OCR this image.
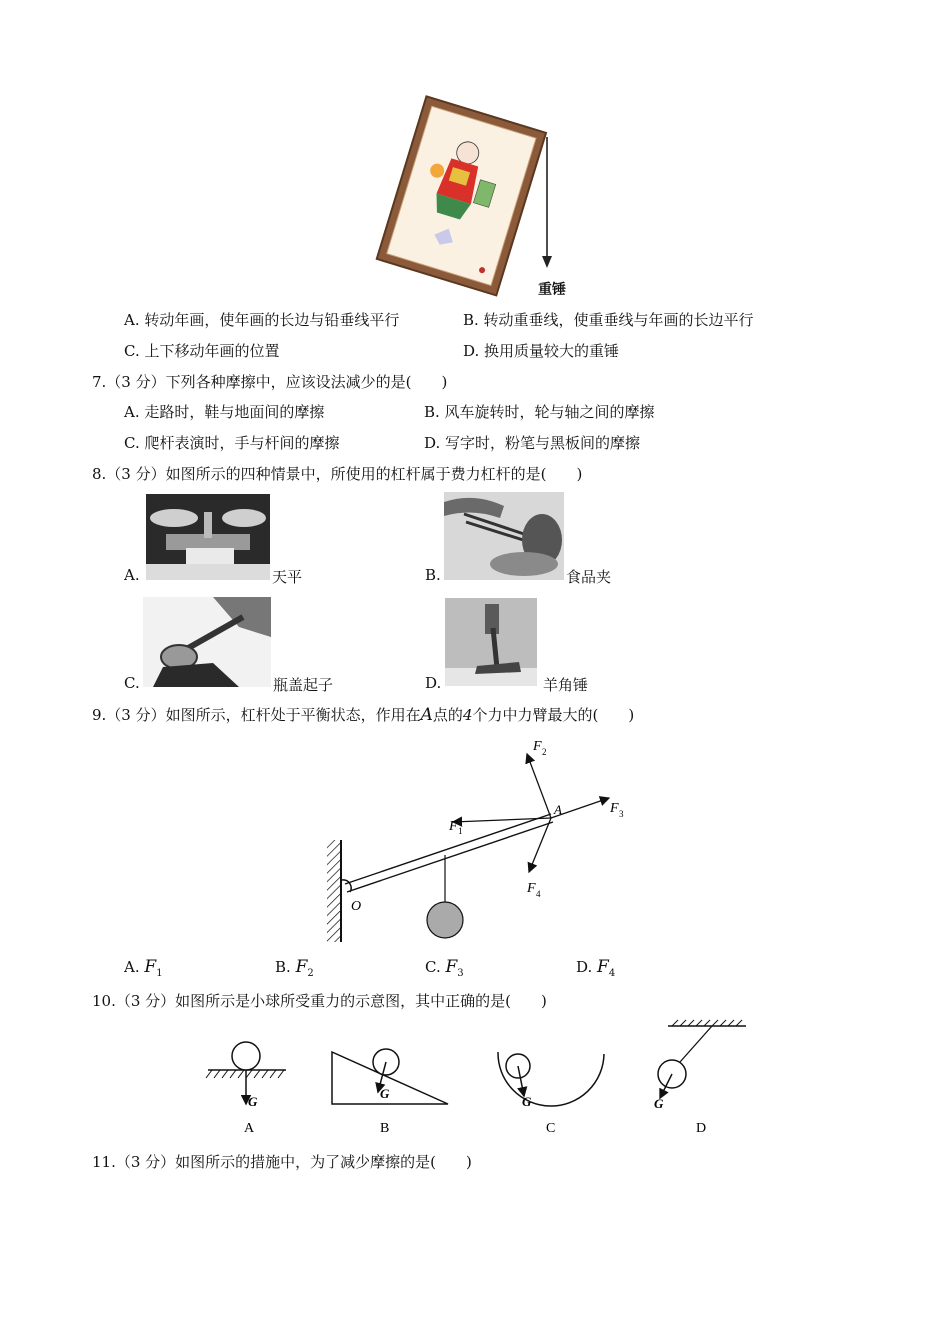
重锤
A. 转动年画，使年画的长边与铅垂线平行	B. 转动重垂线，使重垂线与年画的长边平行
C. 上下移动年画的位置	D. 换用质量较大的重锤
7.（3 分）下列各种摩擦中，应该设法减少的是(　　)
A. 走路时，鞋与地面间的摩擦	B. 风车旋转时，轮与轴之间的摩擦
C. 爬杆表演时，手与杆间的摩擦	D. 写字时，粉笔与黑板间的摩擦
8.（3 分）如图所示的四种情景中，所使用的杠杆属于费力杠杆的是(　　)
A.	天平	B.	食品夹
C.	瓶盖起子	D.	羊角锤
9.（3 分）如图所示，杠杆处于平衡状态，作用在A点的4个力中力臂最大的(　　)
F 1
F 2
F 3
F 4
A
O
A. $F_1$	B. $F_2$	C. $F_3$	D. $F_4$
10.（3 分）如图所示是小球所受重力的示意图，其中正确的是(　　)
G
A
G
B
G
C
G
D
11.（3 分）如图所示的措施中，为了减少摩擦的是(　　)
